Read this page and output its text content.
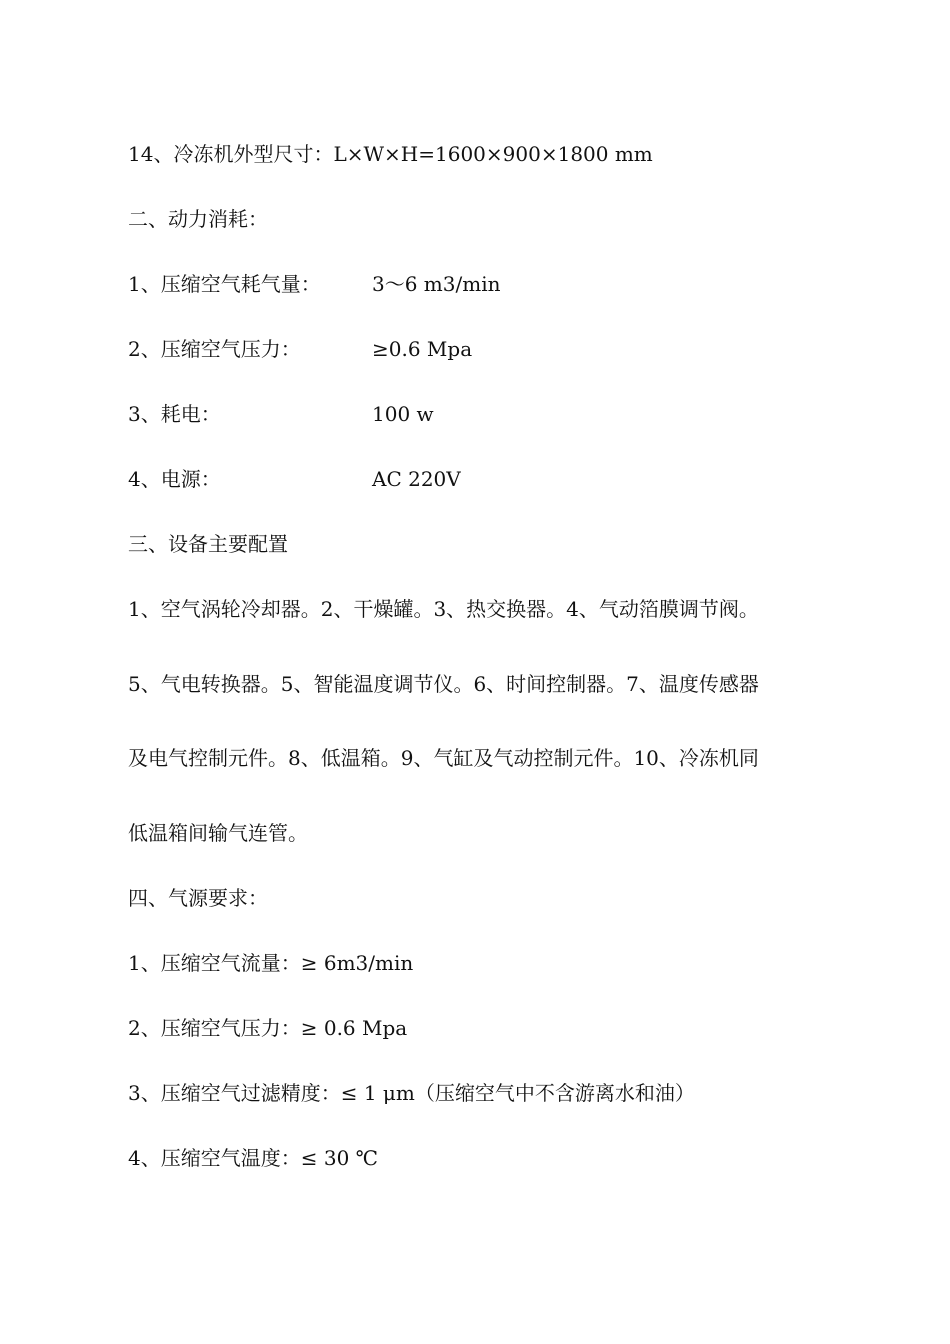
14、冷冻机外型尺寸：L×W×H=1600×900×1800 mm

二、动力消耗：

1、压缩空气耗气量：	3～6 m3/min

2、压缩空气压力：	≥0.6 Mpa

3、耗电：	100 w

4、电源：	AC 220V

三、设备主要配置

1、空气涡轮冷却器。2、干燥罐。3、热交换器。4、气动箔膜调节阀。

5、气电转换器。5、智能温度调节仪。6、时间控制器。7、温度传感器

及电气控制元件。8、低温箱。9、气缸及气动控制元件。10、冷冻机同

低温箱间输气连管。

四、气源要求：

1、压缩空气流量：≥ 6m3/min

2、压缩空气压力：≥ 0.6 Mpa

3、压缩空气过滤精度：≤ 1 μm（压缩空气中不含游离水和油）

4、压缩空气温度：≤ 30 ℃
